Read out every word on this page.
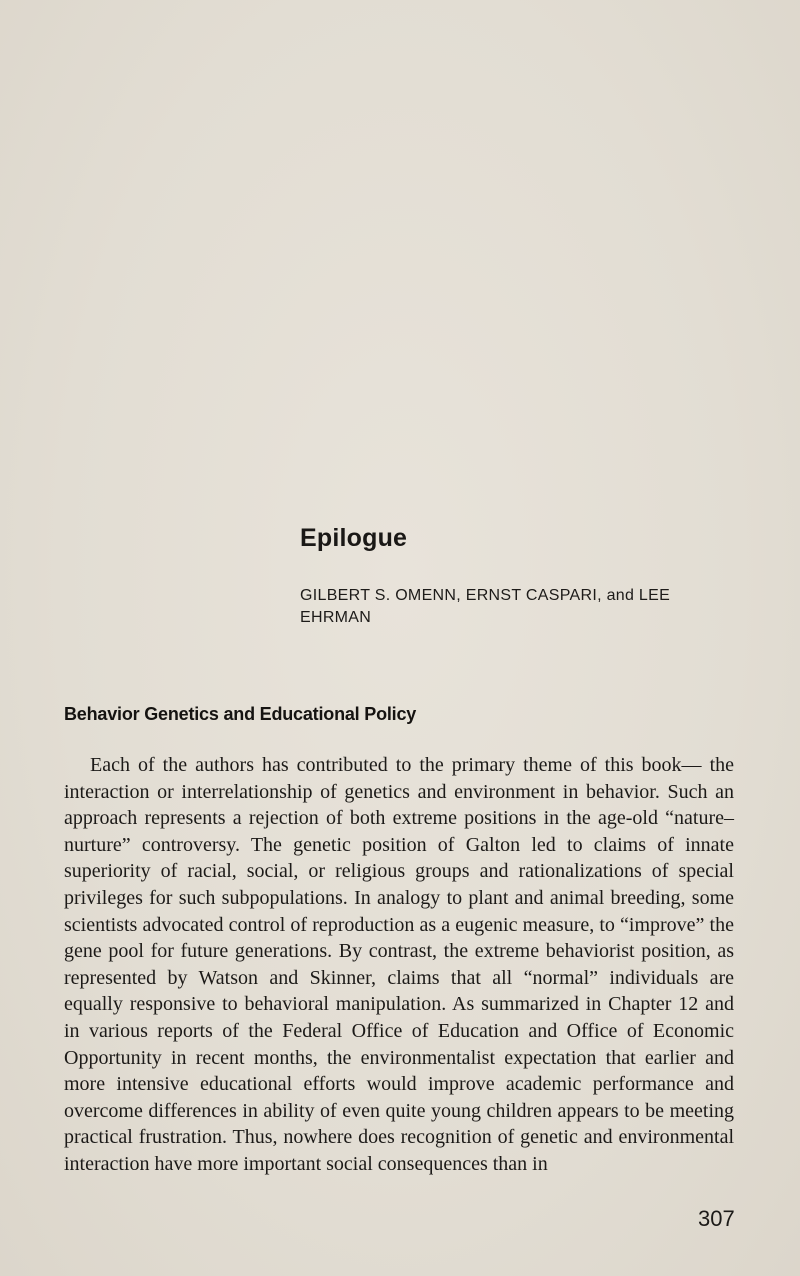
Epilogue

GILBERT S. OMENN, ERNST CASPARI, and LEE EHRMAN

Behavior Genetics and Educational Policy

Each of the authors has contributed to the primary theme of this book— the interaction or interrelationship of genetics and environment in behavior. Such an approach represents a rejection of both extreme positions in the age-old “nature–nurture” controversy. The genetic position of Galton led to claims of innate superiority of racial, social, or religious groups and rationalizations of special privileges for such subpopulations. In analogy to plant and animal breeding, some scientists advocated control of reproduction as a eugenic measure, to “improve” the gene pool for future generations. By contrast, the extreme behaviorist position, as represented by Watson and Skinner, claims that all “normal” individuals are equally responsive to behavioral manipulation. As summarized in Chapter 12 and in various reports of the Federal Office of Education and Office of Economic Opportunity in recent months, the environmentalist expectation that earlier and more intensive educational efforts would improve academic performance and overcome differences in ability of even quite young children appears to be meeting practical frustration. Thus, nowhere does recognition of genetic and environmental interaction have more important social consequences than in

307
